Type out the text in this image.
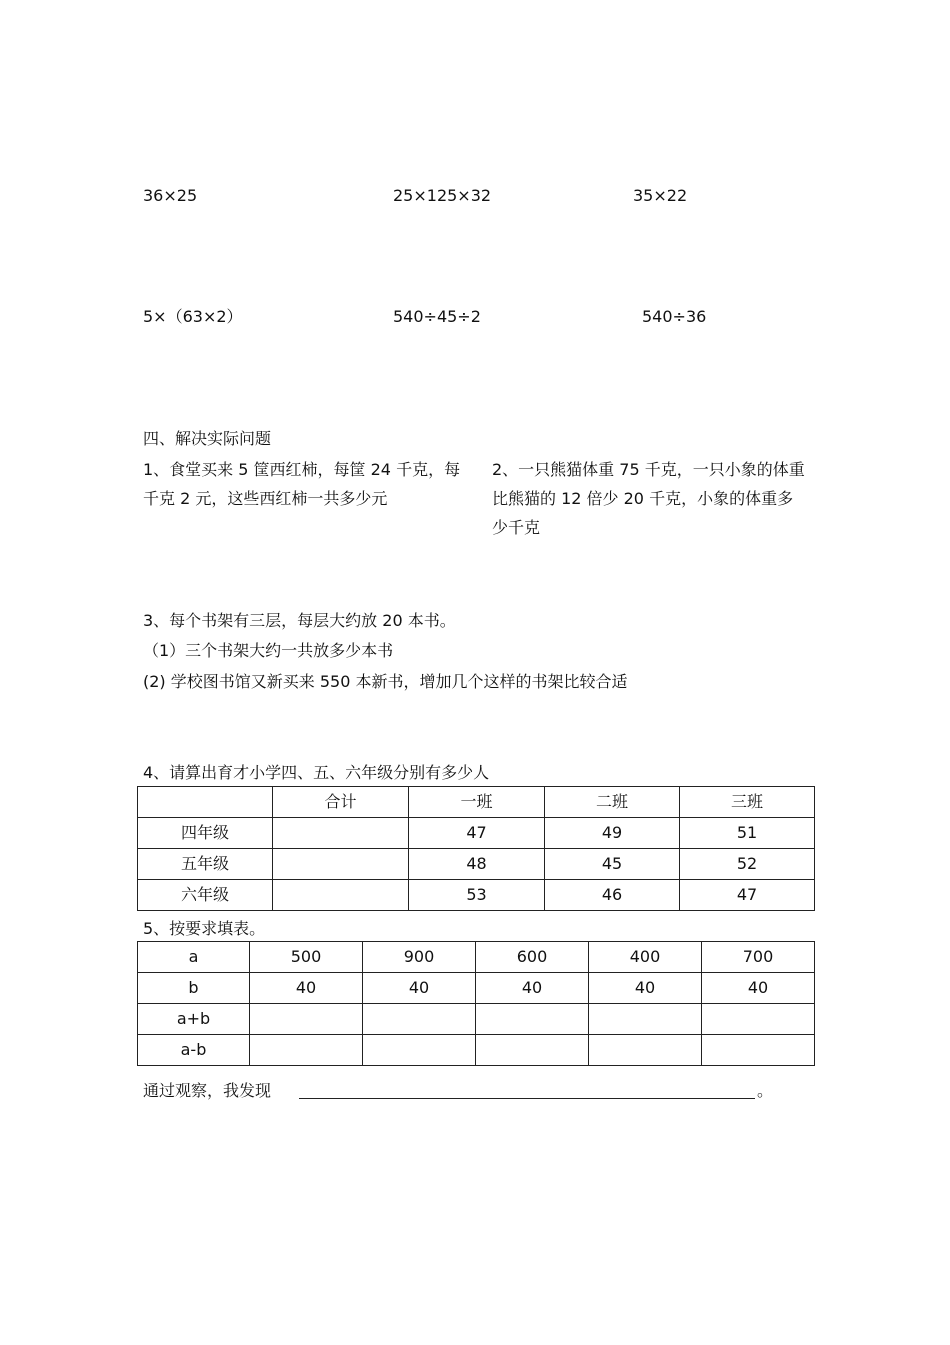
36×25	25×125×32	35×22
5×（63×2）	540÷45÷2	540÷36
四、解决实际问题
1、食堂买来 5 筐西红柿，每筐 24 千克，每千克 2 元，这些西红柿一共多少元
2、一只熊猫体重 75 千克，一只小象的体重比熊猫的 12 倍少 20 千克，小象的体重多少千克
3、每个书架有三层，每层大约放 20 本书。
（1）三个书架大约一共放多少本书
(2) 学校图书馆又新买来 550 本新书，增加几个这样的书架比较合适
4、请算出育才小学四、五、六年级分别有多少人
	合计	一班	二班	三班
四年级		47	49	51
五年级		48	45	52
六年级		53	46	47
5、按要求填表。
a	500	900	600	400	700
b	40	40	40	40	40
a+b					
a-b					
通过观察，我发现	。
